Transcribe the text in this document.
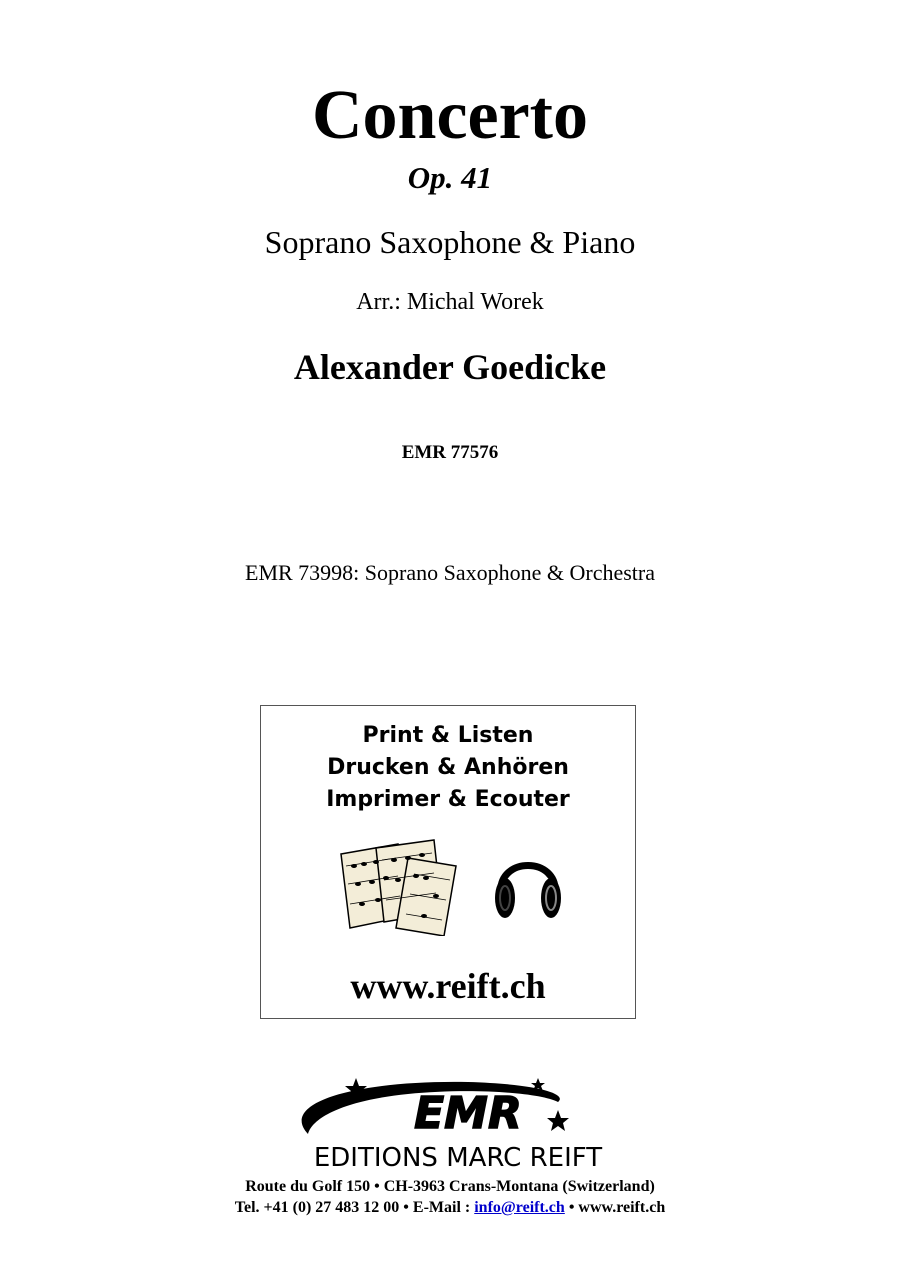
Concerto
Op. 41
Soprano Saxophone & Piano
Arr.: Michal Worek
Alexander Goedicke
EMR 77576
EMR 73998: Soprano Saxophone & Orchestra
Print & Listen
Drucken & Anhören
Imprimer & Ecouter
www.reift.ch
EMR
EDITIONS MARC REIFT
Route du Golf 150 • CH-3963 Crans-Montana (Switzerland)
Tel. +41 (0) 27 483 12 00 • E-Mail : info@reift.ch • www.reift.ch
